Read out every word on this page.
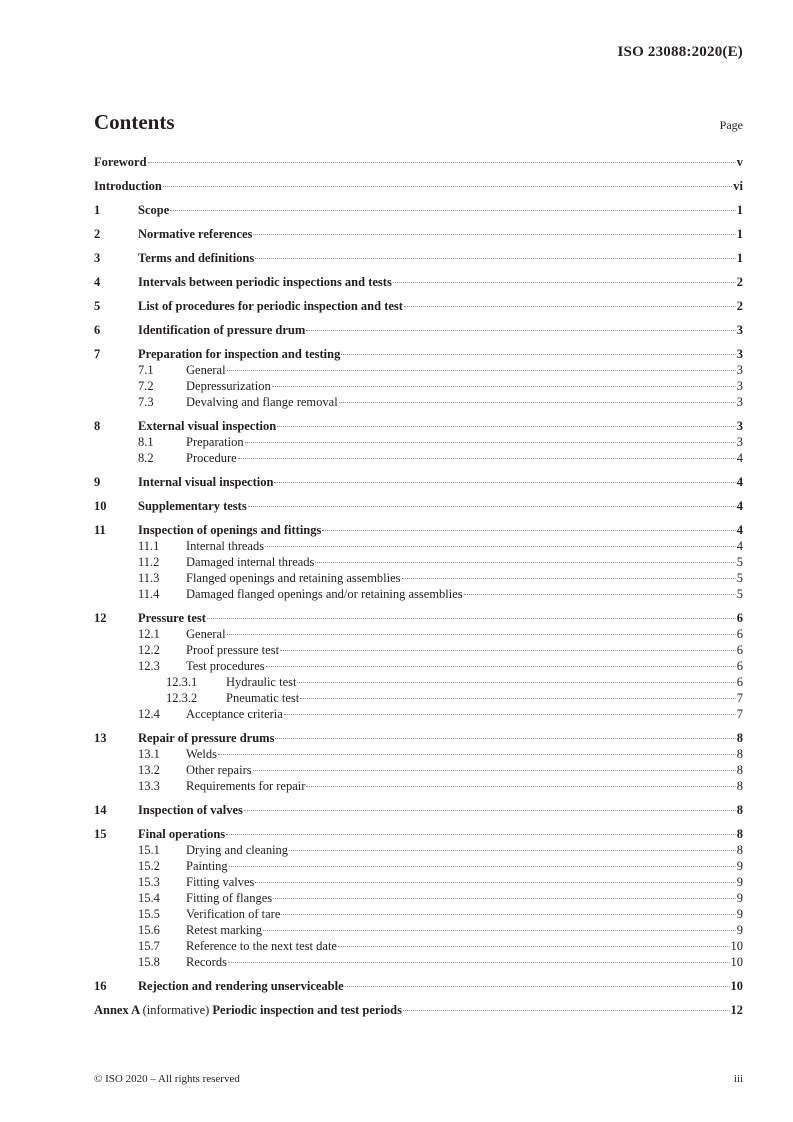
ISO 23088:2020(E)
Contents	Page
Foreword	v
Introduction	vi
1	Scope	1
2	Normative references	1
3	Terms and definitions	1
4	Intervals between periodic inspections and tests	2
5	List of procedures for periodic inspection and test	2
6	Identification of pressure drum	3
7	Preparation for inspection and testing	3
7.1	General	3
7.2	Depressurization	3
7.3	Devalving and flange removal	3
8	External visual inspection	3
8.1	Preparation	3
8.2	Procedure	4
9	Internal visual inspection	4
10	Supplementary tests	4
11	Inspection of openings and fittings	4
11.1	Internal threads	4
11.2	Damaged internal threads	5
11.3	Flanged openings and retaining assemblies	5
11.4	Damaged flanged openings and/or retaining assemblies	5
12	Pressure test	6
12.1	General	6
12.2	Proof pressure test	6
12.3	Test procedures	6
12.3.1	Hydraulic test	6
12.3.2	Pneumatic test	7
12.4	Acceptance criteria	7
13	Repair of pressure drums	8
13.1	Welds	8
13.2	Other repairs	8
13.3	Requirements for repair	8
14	Inspection of valves	8
15	Final operations	8
15.1	Drying and cleaning	8
15.2	Painting	9
15.3	Fitting valves	9
15.4	Fitting of flanges	9
15.5	Verification of tare	9
15.6	Retest marking	9
15.7	Reference to the next test date	10
15.8	Records	10
16	Rejection and rendering unserviceable	10
Annex A (informative) Periodic inspection and test periods	12
© ISO 2020 – All rights reserved	iii
